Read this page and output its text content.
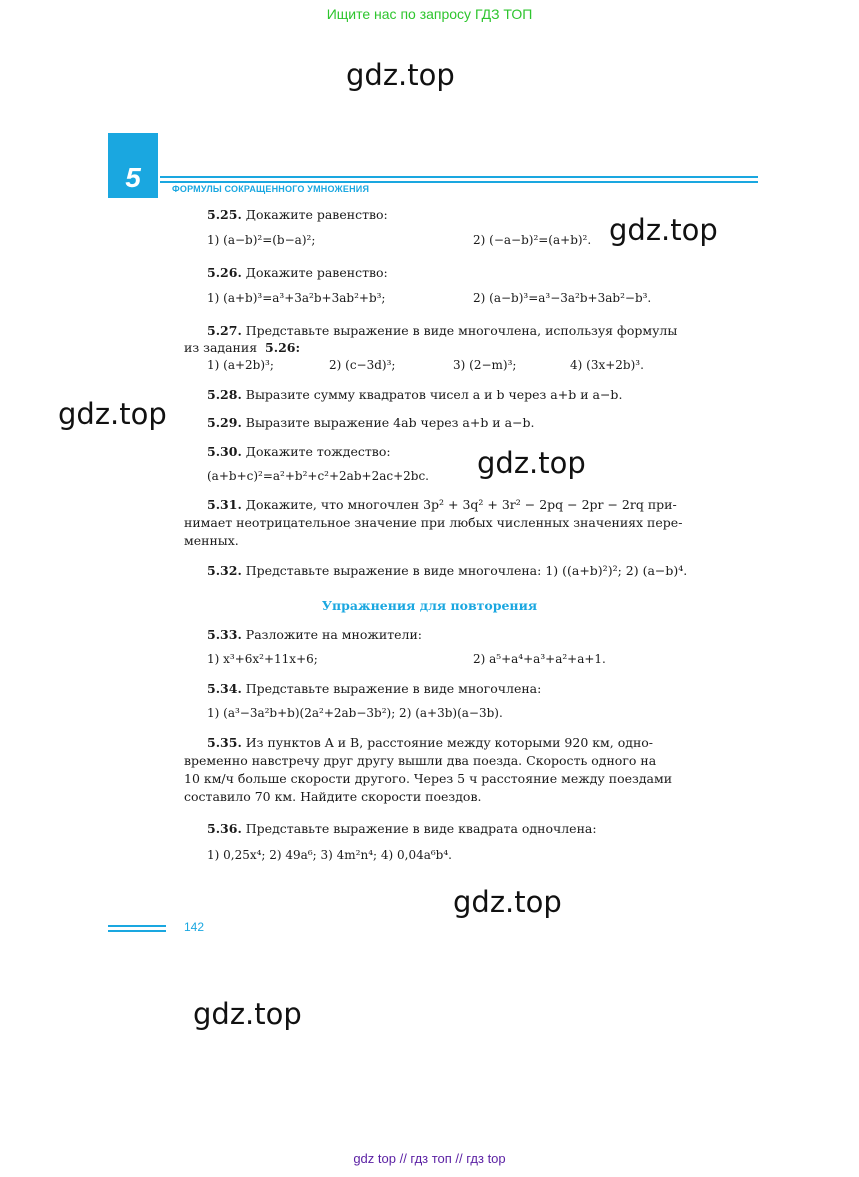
Ищите нас по запросу ГДЗ ТОП
gdz.top
gdz.top
gdz.top
gdz.top
gdz.top
gdz.top
5	ФОРМУЛЫ СОКРАЩЕННОГО УМНОЖЕНИЯ
5.25. Докажите равенство:
1) (a−b)²=(b−a)²;	2) (−a−b)²=(a+b)².
5.26. Докажите равенство:
1) (a+b)³=a³+3a²b+3ab²+b³;	2) (a−b)³=a³−3a²b+3ab²−b³.
5.27. Представьте выражение в виде многочлена, используя формулы
из задания 5.26:
1) (a+2b)³;	2) (c−3d)³;	3) (2−m)³;	4) (3x+2b)³.
5.28. Выразите сумму квадратов чисел a и b через a+b и a−b.
5.29. Выразите выражение 4ab через a+b и a−b.
5.30. Докажите тождество:
(a+b+c)²=a²+b²+c²+2ab+2ac+2bc.
5.31. Докажите, что многочлен 3p² + 3q² + 3r² − 2pq − 2pr − 2rq при-
нимает неотрицательное значение при любых численных значениях пере-
менных.
5.32. Представьте выражение в виде многочлена: 1) ((a+b)²)²; 2) (a−b)⁴.
Упражнения для повторения
5.33. Разложите на множители:
1) x³+6x²+11x+6;	2) a⁵+a⁴+a³+a²+a+1.
5.34. Представьте выражение в виде многочлена:
1) (a³−3a²b+b)(2a²+2ab−3b²); 2) (a+3b)(a−3b).
5.35. Из пунктов A и B, расстояние между которыми 920 км, одно-
временно навстречу друг другу вышли два поезда. Скорость одного на
10 км/ч больше скорости другого. Через 5 ч расстояние между поездами
составило 70 км. Найдите скорости поездов.
5.36. Представьте выражение в виде квадрата одночлена:
1) 0,25x⁴; 2) 49a⁶; 3) 4m²n⁴; 4) 0,04a⁶b⁴.
142
gdz top // гдз топ // гдз top
